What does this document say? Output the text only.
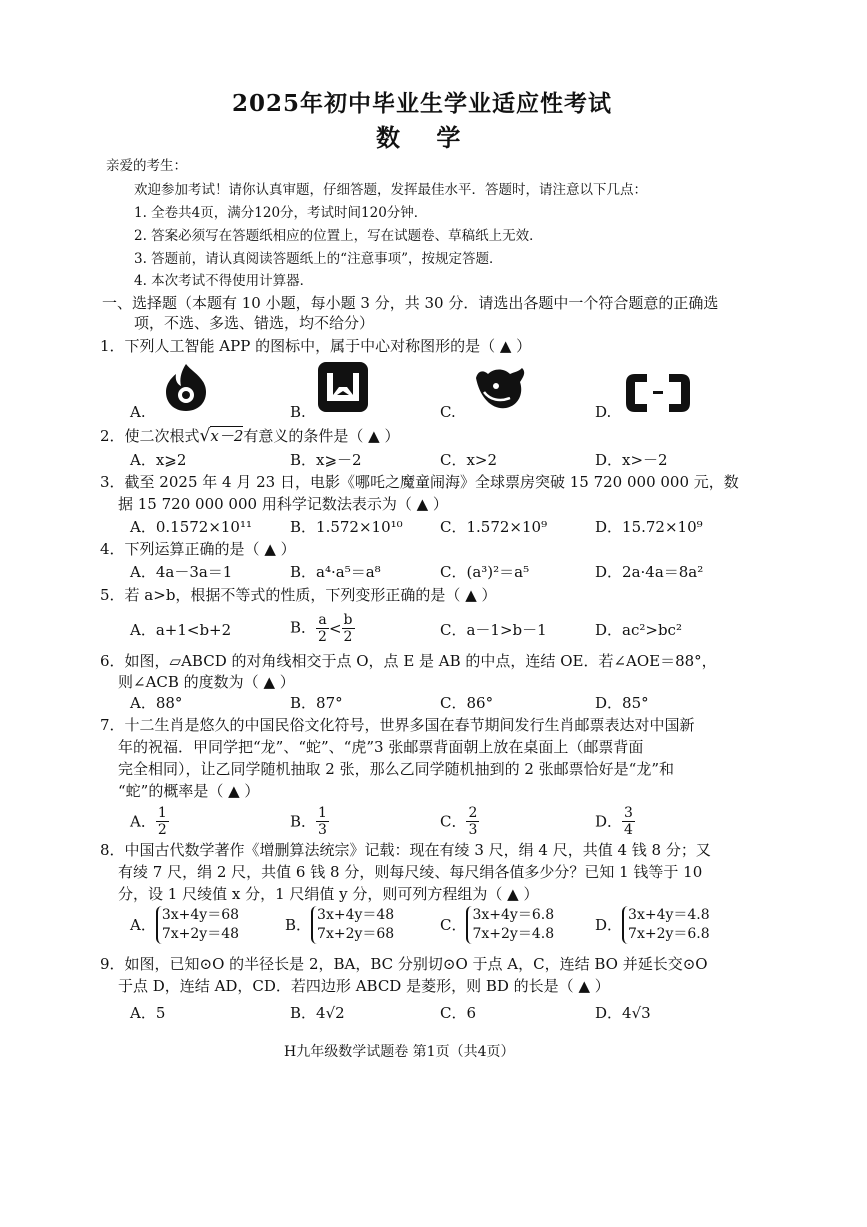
2025年初中毕业生学业适应性考试
数 学
亲爱的考生：
欢迎参加考试！请你认真审题，仔细答题，发挥最佳水平．答题时，请注意以下几点：
1. 全卷共4页，满分120分，考试时间120分钟．
2. 答案必须写在答题纸相应的位置上，写在试题卷、草稿纸上无效．
3. 答题前，请认真阅读答题纸上的“注意事项”，按规定答题．
4. 本次考试不得使用计算器．
一、选择题（本题有 10 小题，每小题 3 分，共 30 分．请选出各题中一个符合题意的正确选
项，不选、多选、错选，均不给分）
1．下列人工智能 APP 的图标中，属于中心对称图形的是（ ▲ ）
A.	B.	C.	D.
2．使二次根式√x－2有意义的条件是（ ▲ ）
A．x⩾2	B．x⩾－2	C．x>2	D．x>－2
3．截至 2025 年 4 月 23 日，电影《哪吒之魔童闹海》全球票房突破 15 720 000 000 元，数
据 15 720 000 000 用科学记数法表示为（ ▲ ）
A．0.1572×10¹¹	B．1.572×10¹⁰ C．1.572×10⁹	D．15.72×10⁹
4．下列运算正确的是（ ▲ ）
A．4a－3a＝1	B．a⁴·a⁵＝a⁸	C．(a³)²＝a⁵	D．2a·4a＝8a²
5．若 a>b，根据不等式的性质，下列变形正确的是（ ▲ ）
A．a+1<b+2	B． $\frac{a}{2} < \frac{b}{2}$	C．a－1>b－1	D．ac²>bc²
6．如图，▱ABCD 的对角线相交于点 O，点 E 是 AB 的中点，连结 OE．若∠AOE＝88°，
则∠ACB 的度数为（ ▲ ）
A．88°	B．87°	C．86°	D．85°
7．十二生肖是悠久的中国民俗文化符号，世界多国在春节期间发行生肖邮票表达对中国新
年的祝福．甲同学把“龙”、“蛇”、“虎”3 张邮票背面朝上放在桌面上（邮票背面
完全相同），让乙同学随机抽取 2 张，那么乙同学随机抽到的 2 张邮票恰好是“龙”和
“蛇”的概率是（ ▲ ）
A． $\frac{1}{2}$	B． $\frac{1}{3}$	C． $\frac{2}{3}$	D． $\frac{3}{4}$
8．中国古代数学著作《增删算法统宗》记载：现在有绫 3 尺，绢 4 尺，共值 4 钱 8 分；又
有绫 7 尺，绢 2 尺，共值 6 钱 8 分，则每尺绫、每尺绢各值多少分？已知 1 钱等于 10
分，设 1 尺绫值 x 分，1 尺绢值 y 分，则可列方程组为（ ▲ ）
A．
3x+4y＝68
7x+2y＝48	B．
3x+4y＝48
7x+2y＝68	C．
3x+4y＝6.8
7x+2y＝4.8	D．
3x+4y＝4.8
7x+2y＝6.8
9．如图，已知⊙O 的半径长是 2，BA，BC 分别切⊙O 于点 A，C，连结 BO 并延长交⊙O
于点 D，连结 AD，CD．若四边形 ABCD 是菱形，则 BD 的长是（ ▲ ）
A．5	B．4√2	C．6	D．4√3
H九年级数学试题卷 第1页（共4页）
